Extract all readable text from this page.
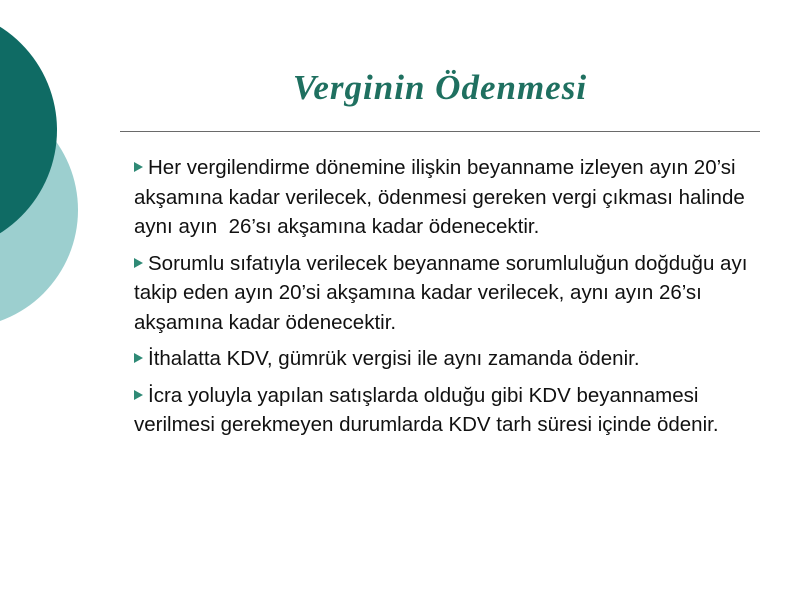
Verginin Ödenmesi
Her vergilendirme dönemine ilişkin beyanname izleyen ayın 20’si akşamına kadar verilecek, ödenmesi gereken vergi çıkması halinde aynı ayın  26’sı akşamına kadar ödenecektir.
Sorumlu sıfatıyla verilecek beyanname sorumluluğun doğduğu ayı takip eden ayın 20’si akşamına kadar verilecek, aynı ayın 26’sı akşamına kadar ödenecektir.
İthalatta KDV, gümrük vergisi ile aynı zamanda ödenir.
İcra yoluyla yapılan satışlarda olduğu gibi KDV beyannamesi verilmesi gerekmeyen durumlarda KDV tarh süresi içinde ödenir.
